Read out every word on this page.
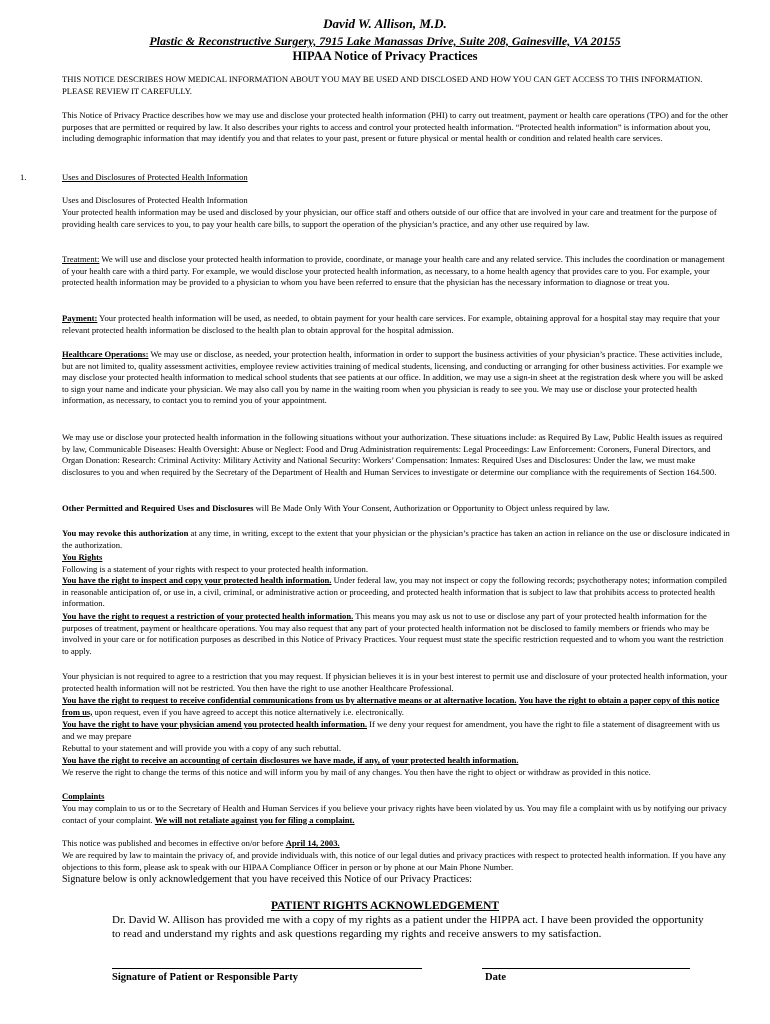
David W. Allison, M.D.
Plastic & Reconstructive Surgery, 7915 Lake Manassas Drive, Suite 208, Gainesville, VA 20155
HIPAA Notice of Privacy Practices

THIS NOTICE DESCRIBES HOW MEDICAL INFORMATION ABOUT YOU MAY BE USED AND DISCLOSED AND HOW YOU CAN GET ACCESS TO THIS INFORMATION. PLEASE REVIEW IT CAREFULLY.

This Notice of Privacy Practice describes how we may use and disclose your protected health information (PHI) to carry out treatment, payment or health care operations (TPO) and for the other purposes that are permitted or required by law. It also describes your rights to access and control your protected health information. “Protected health information” is information about you, including demographic information that may identify you and that relates to your past, present or future physical or mental health or condition and related health care services.

1.	Uses and Disclosures of Protected Health Information

Uses and Disclosures of Protected Health Information

Your protected health information may be used and disclosed by your physician, our office staff and others outside of our office that are involved in your care and treatment for the purpose of providing health care services to you, to pay your health care bills, to support the operation of the physician’s practice, and any other use required by law.

Treatment: We will use and disclose your protected health information to provide, coordinate, or manage your health care and any related service. This includes the coordination or management of your health care with a third party. For example, we would disclose your protected health information, as necessary, to a home health agency that provides care to you. For example, your protected health information may be provided to a physician to whom you have been referred to ensure that the physician has the necessary information to diagnose or treat you.

Payment: Your protected health information will be used, as needed, to obtain payment for your health care services. For example, obtaining approval for a hospital stay may require that your relevant protected health information be disclosed to the health plan to obtain approval for the hospital admission.

Healthcare Operations: We may use or disclose, as needed, your protection health, information in order to support the business activities of your physician’s practice. These activities include, but are not limited to, quality assessment activities, employee review activities training of medical students, licensing, and conducting or arranging for other business activities. For example we may disclose your protected health information to medical school students that see patients at our office. In addition, we may use a sign-in sheet at the registration desk where you will be asked to sign your name and indicate your physician. We may also call you by name in the waiting room when you physician is ready to see you. We may use or disclose your protected health information, as necessary, to contact you to remind you of your appointment.

We may use or disclose your protected health information in the following situations without your authorization. These situations include: as Required By Law, Public Health issues as required by law, Communicable Diseases: Health Oversight: Abuse or Neglect: Food and Drug Administration requirements: Legal Proceedings: Law Enforcement: Coroners, Funeral Directors, and Organ Donation: Research: Criminal Activity: Military Activity and National Security: Workers’ Compensation: Inmates: Required Uses and Disclosures: Under the law, we must make disclosures to you and when required by the Secretary of the Department of Health and Human Services to investigate or determine our compliance with the requirements of Section 164.500.

Other Permitted and Required Uses and Disclosures will Be Made Only With Your Consent, Authorization or Opportunity to Object unless required by law.

You may revoke this authorization at any time, in writing, except to the extent that your physician or the physician’s practice has taken an action in reliance on the use or disclosure indicated in the authorization.

You Rights

Following is a statement of your rights with respect to your protected health information.

You have the right to inspect and copy your protected health information. Under federal law, you may not inspect or copy the following records; psychotherapy notes; information compiled in reasonable anticipation of, or use in, a civil, criminal, or administrative action or proceeding, and protected health information that is subject to law that prohibits access to protected health information.

You have the right to request a restriction of your protected health information. This means you may ask us not to use or disclose any part of your protected health information for the purposes of treatment, payment or healthcare operations. You may also request that any part of your protected health information not be disclosed to family members or friends who may be involved in your care or for notification purposes as described in this Notice of Privacy Practices. Your request must state the specific restriction requested and to whom you want the restriction to apply.

Your physician is not required to agree to a restriction that you may request. If physician believes it is in your best interest to permit use and disclosure of your protected health information, your protected health information will not be restricted. You then have the right to use another Healthcare Professional.

You have the right to request to receive confidential communications from us by alternative means or at alternative location. You have the right to obtain a paper copy of this notice from us, upon request, even if you have agreed to accept this notice alternatively i.e. electronically.

You have the right to have your physician amend you protected health information. If we deny your request for amendment, you have the right to file a statement of disagreement with us and we may prepare

Rebuttal to your statement and will provide you with a copy of any such rebuttal.

You have the right to receive an accounting of certain disclosures we have made, if any, of your protected health information.

We reserve the right to change the terms of this notice and will inform you by mail of any changes. You then have the right to object or withdraw as provided in this notice.

Complaints

You may complain to us or to the Secretary of Health and Human Services if you believe your privacy rights have been violated by us. You may file a complaint with us by notifying our privacy contact of your complaint. We will not retaliate against you for filing a complaint.

This notice was published and becomes in effective on/or before April 14, 2003.

We are required by law to maintain the privacy of, and provide individuals with, this notice of our legal duties and privacy practices with respect to protected health information. If you have any objections to this form, please ask to speak with our HIPAA Compliance Officer in person or by phone at our Main Phone Number.

Signature below is only acknowledgement that you have received this Notice of our Privacy Practices:

PATIENT RIGHTS ACKNOWLEDGEMENT

Dr. David W. Allison has provided me with a copy of my rights as a patient under the HIPPA act. I have been provided the opportunity to read and understand my rights and ask questions regarding my rights and receive answers to my satisfaction.

Signature of Patient or Responsible Party	Date
